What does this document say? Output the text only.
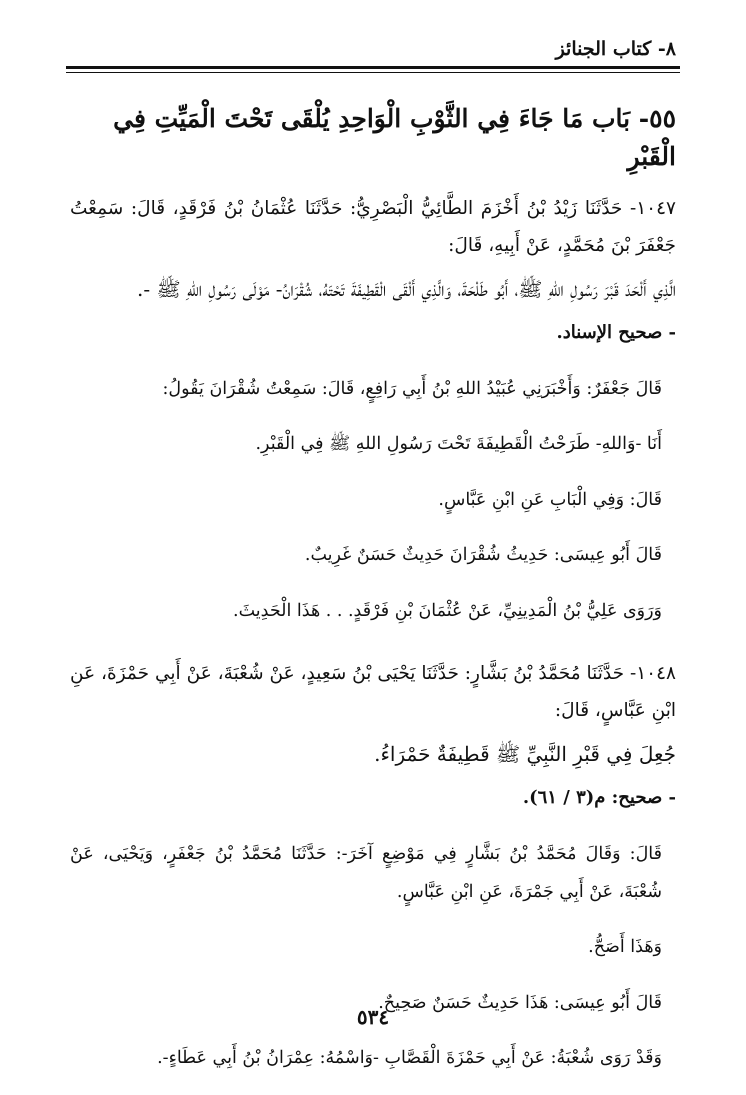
٨- كتاب الجنائز
٥٥- بَاب مَا جَاءَ فِي الثَّوْبِ الْوَاحِدِ يُلْقَى تَحْتَ الْمَيِّتِ فِي الْقَبْرِ

١٠٤٧- حَدَّثَنَا زَيْدُ بْنُ أَخْزَمَ الطَّائِيُّ الْبَصْرِيُّ: حَدَّثَنَا عُثْمَانُ بْنُ فَرْقَدٍ، قَالَ: سَمِعْتُ جَعْفَرَ بْنَ مُحَمَّدٍ، عَنْ أَبِيهِ، قَالَ:

الَّذِي أَلْحَدَ قَبْرَ رَسُولِ اللهِ ﷺ، أَبُو طَلْحَةَ، وَالَّذِي أَلْقَى الْقَطِيفَةَ تَحْتَهُ، شُقْرَانُ- مَوْلَى رَسُولِ اللهِ ﷺ -.

- صحيح الإسناد.

قَالَ جَعْفَرٌ: وَأَخْبَرَنِي عُبَيْدُ اللهِ بْنُ أَبِي رَافِعٍ، قَالَ: سَمِعْتُ شُقْرَانَ يَقُولُ:

أَنَا -وَاللهِ- طَرَحْتُ الْقَطِيفَةَ تَحْتَ رَسُولِ اللهِ ﷺ فِي الْقَبْرِ.

قَالَ: وَفِي الْبَابِ عَنِ ابْنِ عَبَّاسٍ.

قَالَ أَبُو عِيسَى: حَدِيثُ شُقْرَانَ حَدِيثٌ حَسَنٌ غَرِيبٌ.

وَرَوَى عَلِيُّ بْنُ الْمَدِينِيِّ، عَنْ عُثْمَانَ بْنِ فَرْقَدٍ. . . هَذَا الْحَدِيثَ.

١٠٤٨- حَدَّثَنَا مُحَمَّدُ بْنُ بَشَّارٍ: حَدَّثَنَا يَحْيَى بْنُ سَعِيدٍ، عَنْ شُعْبَةَ، عَنْ أَبِي حَمْزَةَ، عَنِ ابْنِ عَبَّاسٍ، قَالَ:

جُعِلَ فِي قَبْرِ النَّبِيِّ ﷺ قَطِيفَةٌ حَمْرَاءُ.

- صحيح: م(٣ / ٦١).

قَالَ: وَقَالَ مُحَمَّدُ بْنُ بَشَّارٍ فِي مَوْضِعٍ آخَرَ-: حَدَّثَنَا مُحَمَّدُ بْنُ جَعْفَرٍ، وَيَحْيَى، عَنْ شُعْبَةَ، عَنْ أَبِي جَمْرَةَ، عَنِ ابْنِ عَبَّاسٍ.

وَهَذَا أَصَحُّ.

قَالَ أَبُو عِيسَى: هَذَا حَدِيثٌ حَسَنٌ صَحِيحٌ.

وَقَدْ رَوَى شُعْبَةُ: عَنْ أَبِي حَمْزَةَ الْقَصَّابِ -وَاسْمُهُ: عِمْرَانُ بْنُ أَبِي عَطَاءٍ-.

٥٣٤
